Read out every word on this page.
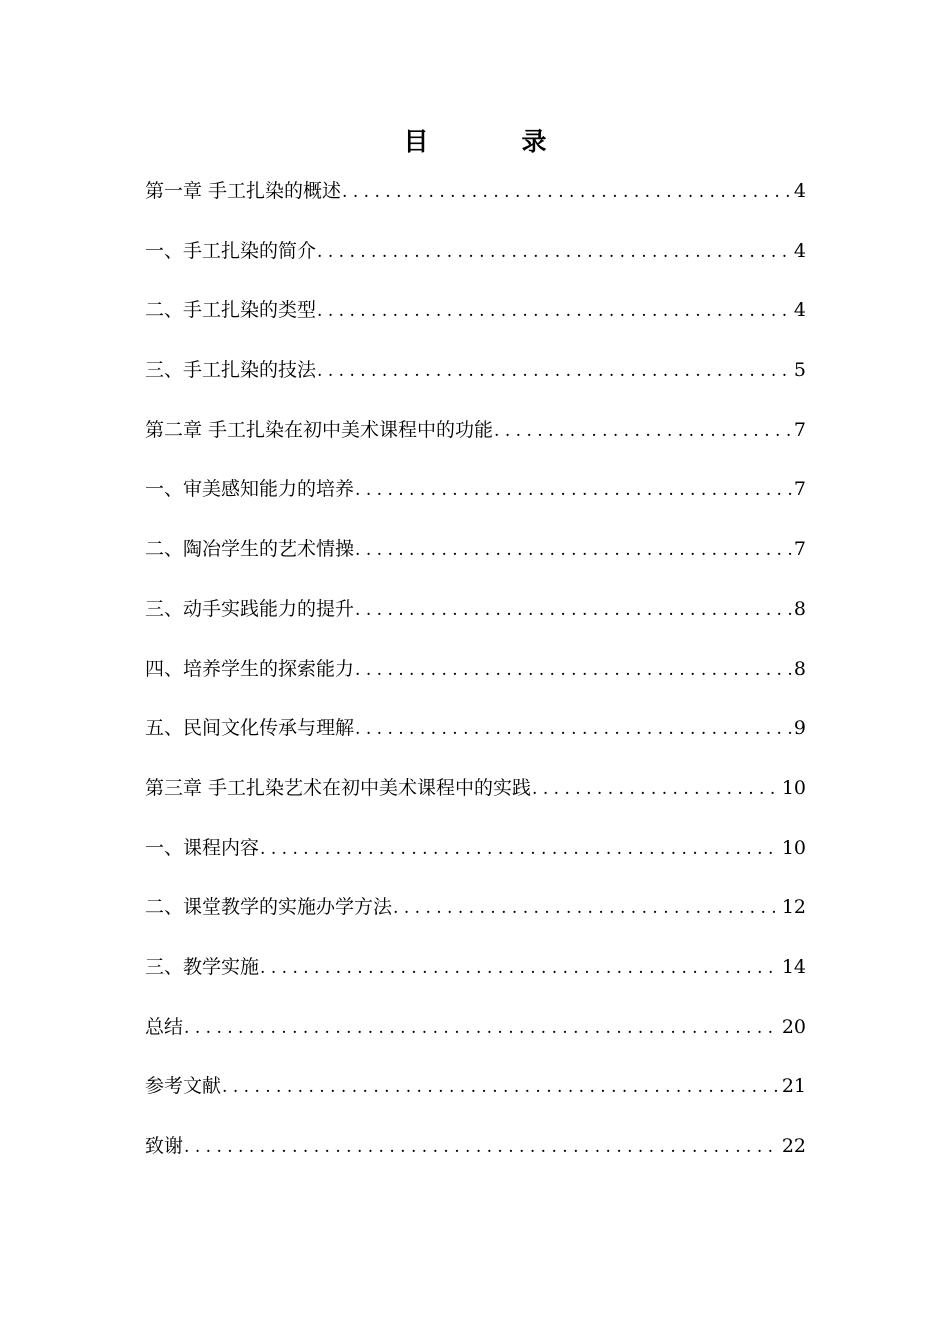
目　录
第一章 手工扎染的概述 . . .	4
一、手工扎染的简介 . . .	4
二、手工扎染的类型 . . .	4
三、手工扎染的技法 . . .	5
第二章 手工扎染在初中美术课程中的功能 . . .	7
一、审美感知能力的培养 . . .	7
二、陶冶学生的艺术情操 . . .	7
三、动手实践能力的提升 . . .	8
四、培养学生的探索能力 . . .	8
五、民间文化传承与理解 . . .	9
第三章 手工扎染艺术在初中美术课程中的实践 . . .	10
一、课程内容 . . .	10
二、课堂教学的实施办学方法 . . .	12
三、教学实施 . . .	14
总结 . . .	20
参考文献 . . .	21
致谢 . . .	22
